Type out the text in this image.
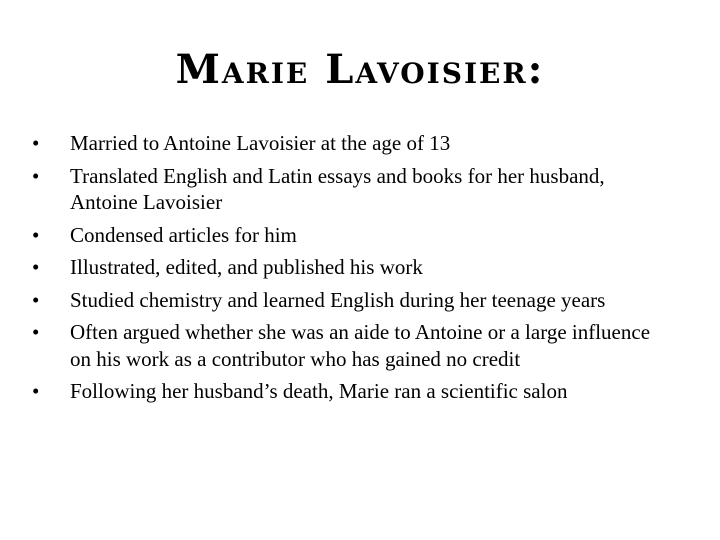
Marie Lavoisier:
• Married to Antoine Lavoisier at the age of 13
• Translated English and Latin essays and books for her husband, Antoine Lavoisier
• Condensed articles for him
• Illustrated, edited, and published his work
• Studied chemistry and learned English during her teenage years
• Often argued whether she was an aide to Antoine or a large influence on his work as a contributor who has gained no credit
• Following her husband’s death, Marie ran a scientific salon
